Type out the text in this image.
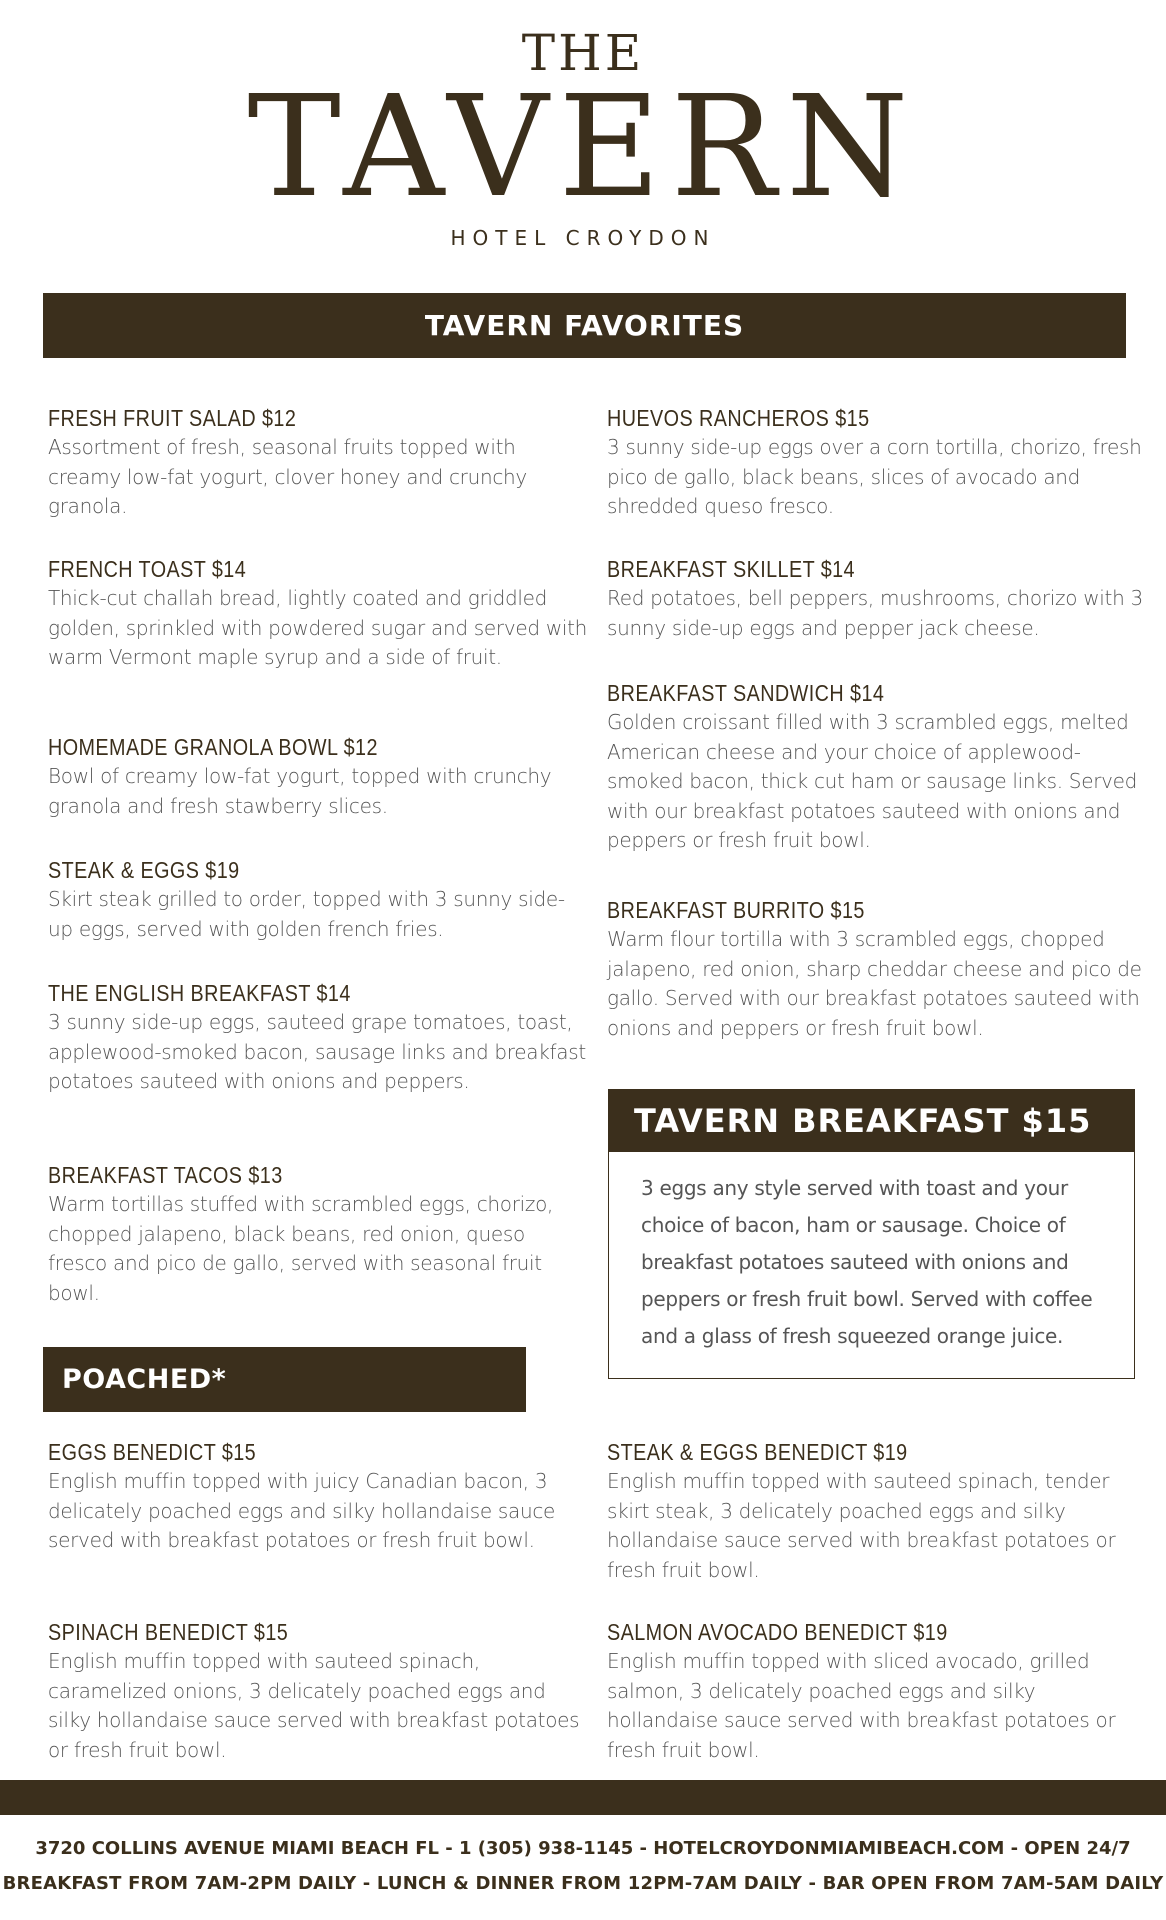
THE
TAVERN
HOTEL CROYDON
TAVERN FAVORITES
FRESH FRUIT SALAD $12
Assortment of fresh, seasonal fruits topped with creamy low-fat yogurt, clover honey and crunchy granola.
FRENCH TOAST $14
Thick-cut challah bread, lightly coated and griddled golden, sprinkled with powdered sugar and served with warm Vermont maple syrup and a side of fruit.
HOMEMADE GRANOLA BOWL $12
Bowl of creamy low-fat yogurt, topped with crunchy granola and fresh stawberry slices.
STEAK & EGGS $19
Skirt steak grilled to order, topped with 3 sunny side-up eggs, served with golden french fries.
THE ENGLISH BREAKFAST $14
3 sunny side-up eggs, sauteed grape tomatoes, toast, applewood-smoked bacon, sausage links and breakfast potatoes sauteed with onions and peppers.
BREAKFAST TACOS $13
Warm tortillas stuffed with scrambled eggs, chorizo, chopped jalapeno, black beans, red onion, queso fresco and pico de gallo, served with seasonal fruit bowl.
HUEVOS RANCHEROS $15
3 sunny side-up eggs over a corn tortilla, chorizo, fresh pico de gallo, black beans, slices of avocado and shredded queso fresco.
BREAKFAST SKILLET $14
Red potatoes, bell peppers, mushrooms, chorizo with 3 sunny side-up eggs and pepper jack cheese.
BREAKFAST SANDWICH $14
Golden croissant filled with 3 scrambled eggs, melted American cheese and your choice of applewood-smoked bacon, thick cut ham or sausage links. Served with our breakfast potatoes sauteed with onions and peppers or fresh fruit bowl.
BREAKFAST BURRITO $15
Warm flour tortilla with 3 scrambled eggs, chopped jalapeno, red onion, sharp cheddar cheese and pico de gallo. Served with our breakfast potatoes sauteed with onions and peppers or fresh fruit bowl.
TAVERN BREAKFAST $15
3 eggs any style served with toast and your choice of bacon, ham or sausage. Choice of breakfast potatoes sauteed with onions and peppers or fresh fruit bowl. Served with coffee and a glass of fresh squeezed orange juice.
POACHED*
EGGS BENEDICT $15
English muffin topped with juicy Canadian bacon, 3 delicately poached eggs and silky hollandaise sauce served with breakfast potatoes or fresh fruit bowl.
SPINACH BENEDICT $15
English muffin topped with sauteed spinach, caramelized onions, 3 delicately poached eggs and silky hollandaise sauce served with breakfast potatoes or fresh fruit bowl.
STEAK & EGGS BENEDICT $19
English muffin topped with sauteed spinach, tender skirt steak, 3 delicately poached eggs and silky hollandaise sauce served with breakfast potatoes or fresh fruit bowl.
SALMON AVOCADO BENEDICT $19
English muffin topped with sliced avocado, grilled salmon, 3 delicately poached eggs and silky hollandaise sauce served with breakfast potatoes or fresh fruit bowl.
3720 COLLINS AVENUE MIAMI BEACH FL - 1 (305) 938-1145 - HOTELCROYDONMIAMIBEACH.COM - OPEN 24/7
BREAKFAST FROM 7AM-2PM DAILY - LUNCH & DINNER FROM 12PM-7AM DAILY - BAR OPEN FROM 7AM-5AM DAILY
